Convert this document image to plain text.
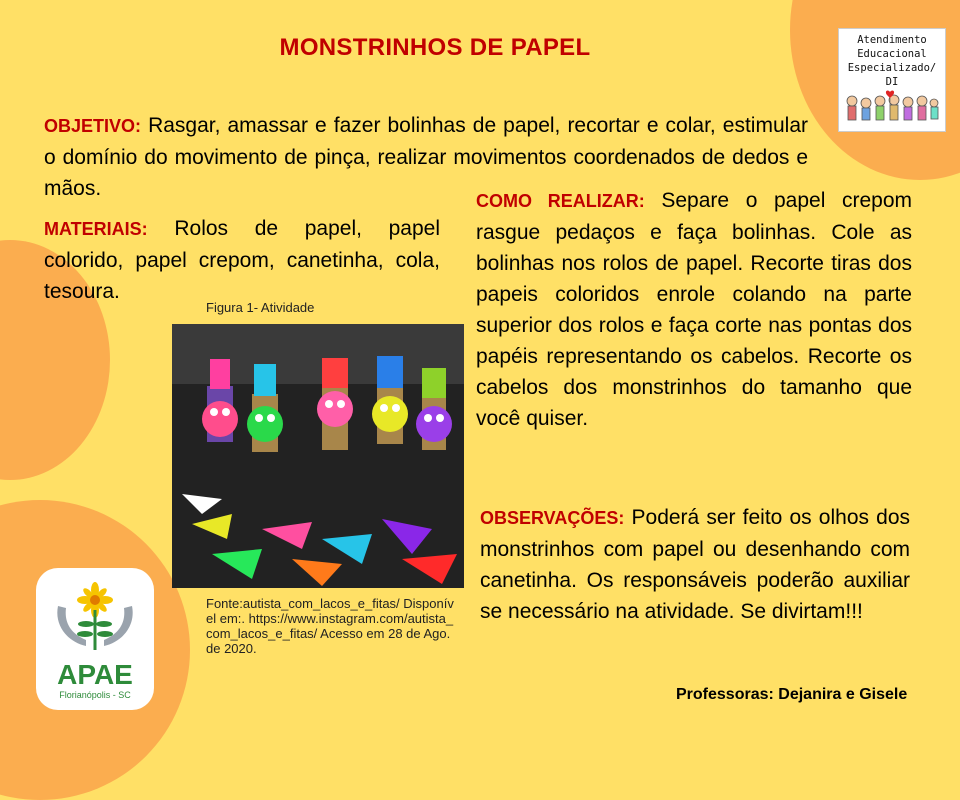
MONSTRINHOS DE PAPEL	Atendimento
Educacional
Especializado/ DI
OBJETIVO: Rasgar, amassar e fazer bolinhas de papel, recortar e colar, estimular o domínio do movimento de pinça, realizar movimentos coordenados de dedos e mãos.
MATERIAIS: Rolos de papel, papel colorido, papel crepom, canetinha, cola, tesoura.
Figura 1- Atividade
Fonte:autista_com_lacos_e_fitas/ Disponível em:. https://www.instagram.com/autista_com_lacos_e_fitas/ Acesso em 28 de Ago. de 2020.
COMO REALIZAR: Separe o papel crepom rasgue pedaços e faça bolinhas. Cole as bolinhas nos rolos de papel. Recorte tiras dos papeis coloridos enrole colando na parte superior dos rolos e faça corte nas pontas dos papéis representando os cabelos. Recorte os cabelos dos monstrinhos do tamanho que você quiser.
OBSERVAÇÕES: Poderá ser feito os olhos dos monstrinhos com papel ou desenhando com canetinha. Os responsáveis poderão auxiliar se necessário na atividade. Se divirtam!!!
APAE
Florianópolis - SC	Professoras: Dejanira e Gisele
